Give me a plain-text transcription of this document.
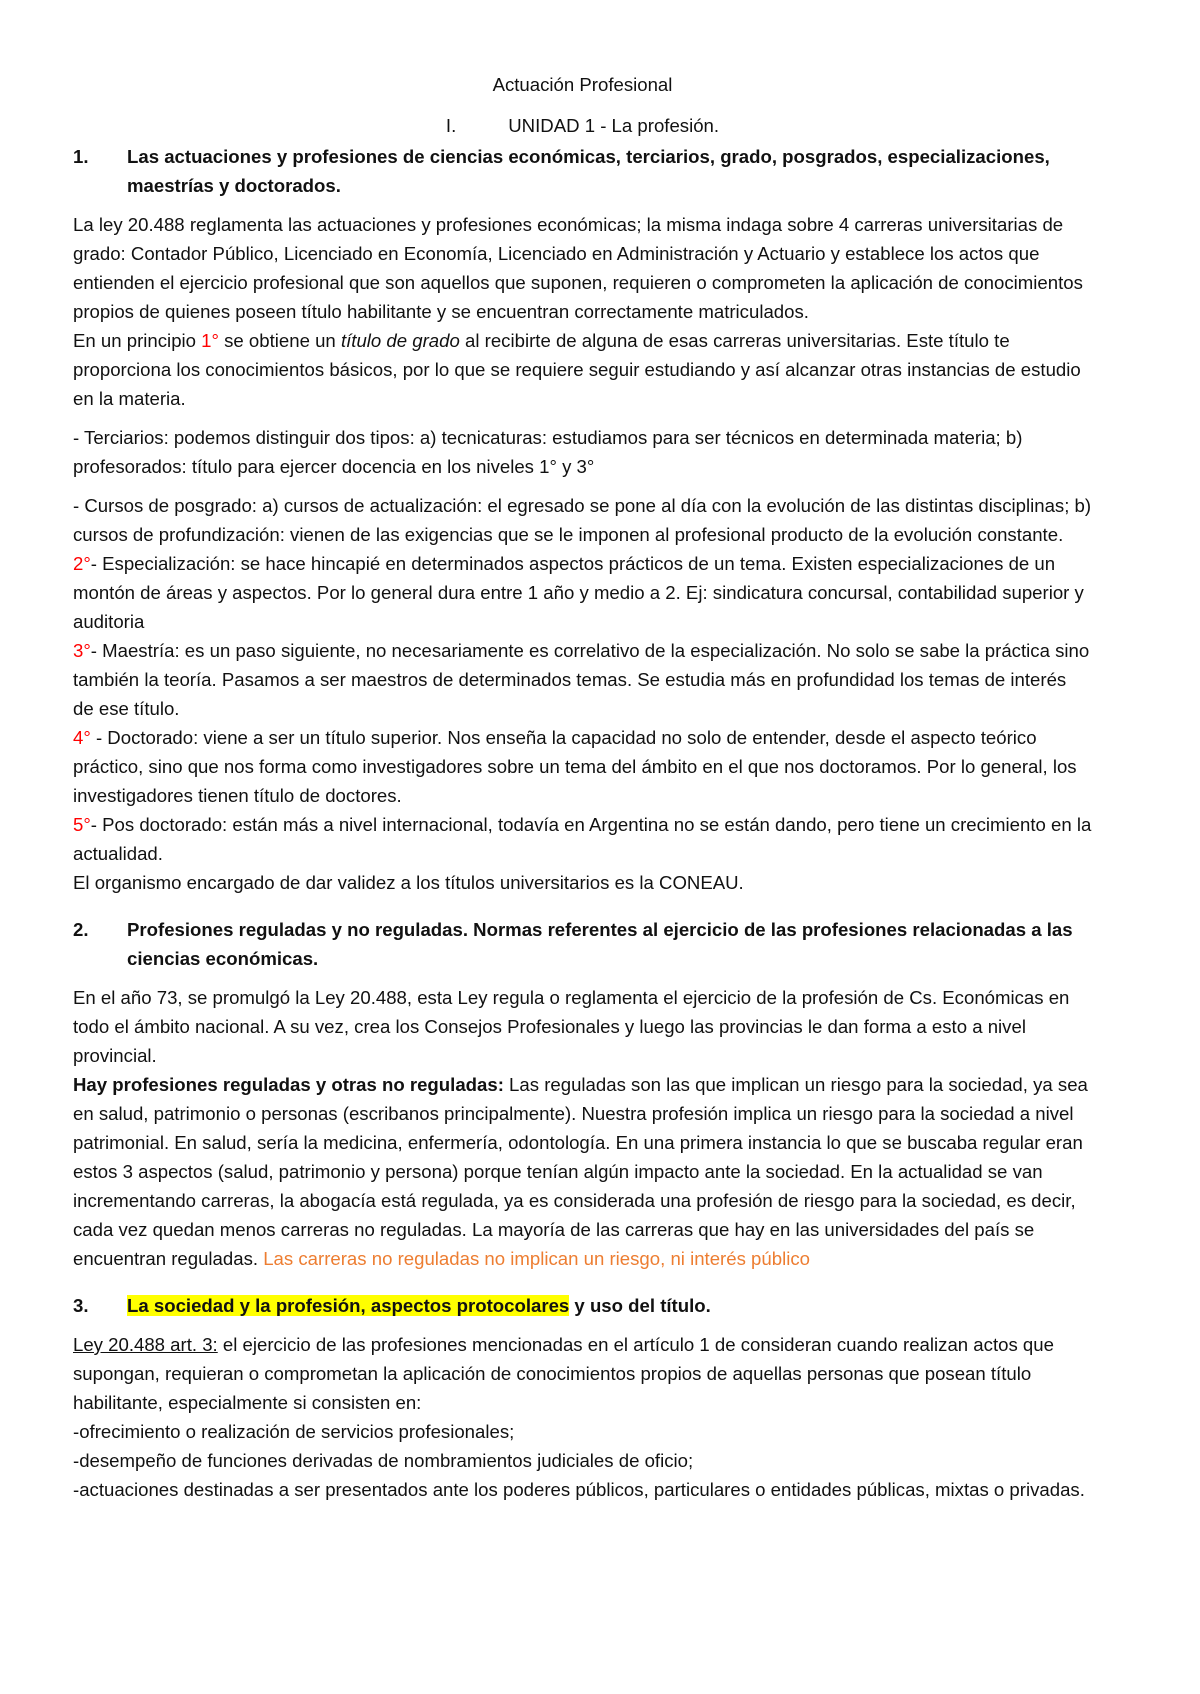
Actuación Profesional
I.	UNIDAD 1 - La profesión.
1.	Las actuaciones y profesiones de ciencias económicas, terciarios, grado, posgrados, especializaciones, maestrías y doctorados.

La ley 20.488 reglamenta las actuaciones y profesiones económicas; la misma indaga sobre 4 carreras universitarias de grado: Contador Público, Licenciado en Economía, Licenciado en Administración y Actuario y establece los actos que entienden el ejercicio profesional que son aquellos que suponen, requieren o comprometen la aplicación de conocimientos propios de quienes poseen título habilitante y se encuentran correctamente matriculados.

En un principio 1° se obtiene un título de grado al recibirte de alguna de esas carreras universitarias. Este título te proporciona los conocimientos básicos, por lo que se requiere seguir estudiando y así alcanzar otras instancias de estudio en la materia.

- Terciarios: podemos distinguir dos tipos: a) tecnicaturas: estudiamos para ser técnicos en determinada materia; b) profesorados: título para ejercer docencia en los niveles 1° y 3°

- Cursos de posgrado: a) cursos de actualización: el egresado se pone al día con la evolución de las distintas disciplinas; b) cursos de profundización: vienen de las exigencias que se le imponen al profesional producto de la evolución constante.

2°- Especialización: se hace hincapié en determinados aspectos prácticos de un tema. Existen especializaciones de un montón de áreas y aspectos. Por lo general dura entre 1 año y medio a 2. Ej: sindicatura concursal, contabilidad superior y auditoria

3°- Maestría: es un paso siguiente, no necesariamente es correlativo de la especialización. No solo se sabe la práctica sino también la teoría. Pasamos a ser maestros de determinados temas. Se estudia más en profundidad los temas de interés de ese título.

4° - Doctorado: viene a ser un título superior. Nos enseña la capacidad no solo de entender, desde el aspecto teórico práctico, sino que nos forma como investigadores sobre un tema del ámbito en el que nos doctoramos. Por lo general, los investigadores tienen título de doctores.

5°- Pos doctorado: están más a nivel internacional, todavía en Argentina no se están dando, pero tiene un crecimiento en la actualidad.

El organismo encargado de dar validez a los títulos universitarios es la CONEAU.

2.	Profesiones reguladas y no reguladas. Normas referentes al ejercicio de las profesiones relacionadas a las ciencias económicas.

En el año 73, se promulgó la Ley 20.488, esta Ley regula o reglamenta el ejercicio de la profesión de Cs. Económicas en todo el ámbito nacional. A su vez, crea los Consejos Profesionales y luego las provincias le dan forma a esto a nivel provincial.

Hay profesiones reguladas y otras no reguladas: Las reguladas son las que implican un riesgo para la sociedad, ya sea en salud, patrimonio o personas (escribanos principalmente). Nuestra profesión implica un riesgo para la sociedad a nivel patrimonial. En salud, sería la medicina, enfermería, odontología. En una primera instancia lo que se buscaba regular eran estos 3 aspectos (salud, patrimonio y persona) porque tenían algún impacto ante la sociedad. En la actualidad se van incrementando carreras, la abogacía está regulada, ya es considerada una profesión de riesgo para la sociedad, es decir, cada vez quedan menos carreras no reguladas. La mayoría de las carreras que hay en las universidades del país se encuentran reguladas. Las carreras no reguladas no implican un riesgo, ni interés público

3.	La sociedad y la profesión, aspectos protocolares y uso del título.

Ley 20.488 art. 3: el ejercicio de las profesiones mencionadas en el artículo 1 de consideran cuando realizan actos que supongan, requieran o comprometan la aplicación de conocimientos propios de aquellas personas que posean título habilitante, especialmente si consisten en:

-ofrecimiento o realización de servicios profesionales;

-desempeño de funciones derivadas de nombramientos judiciales de oficio;

-actuaciones destinadas a ser presentados ante los poderes públicos, particulares o entidades públicas, mixtas o privadas.
